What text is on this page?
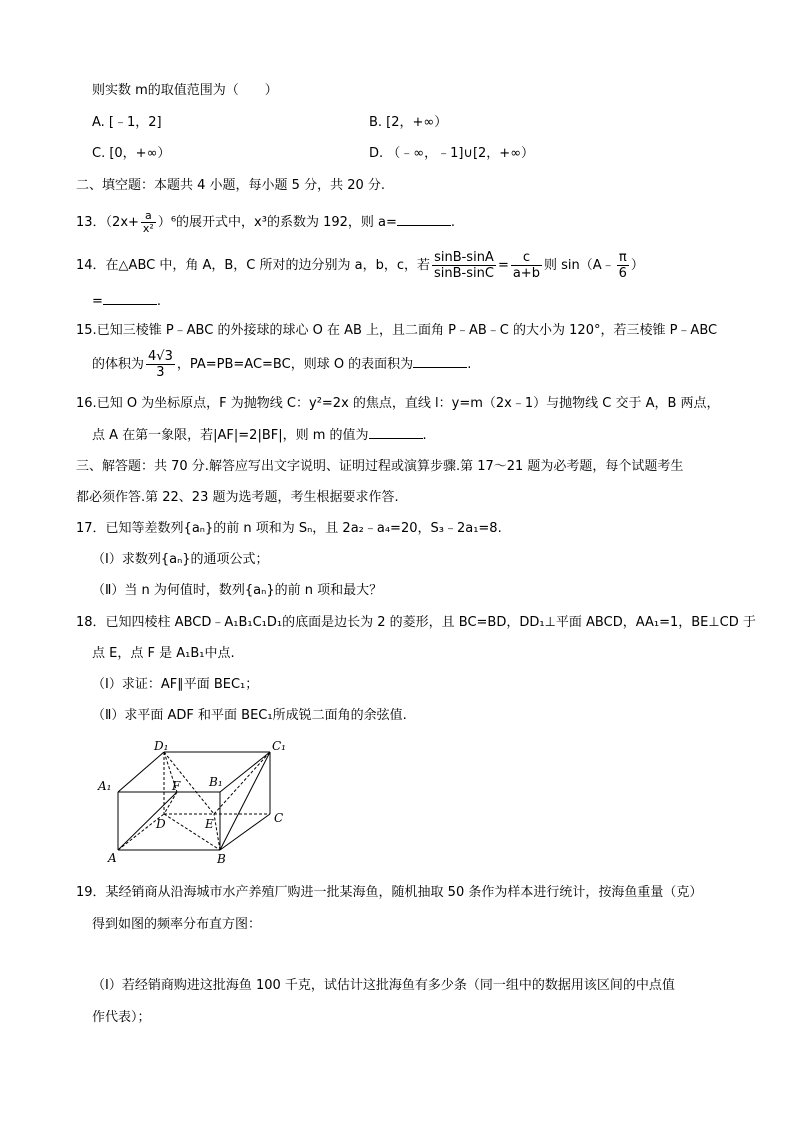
则实数 m的取值范围为（　　）
A. [﹣1，2]	B. [2，+∞）
C. [0，+∞）	D. （﹣∞，﹣1]∪[2，+∞）
二、填空题：本题共 4 小题，每小题 5 分，共 20 分.
13．$(2x+ \frac{a}{\text{x²}} )^6$的展开式中，x³的系数为 192，则 a=	.
14．在△ABC 中，角 A，B，C 所对的边分别为 a，b，c，若 $\frac{\sin B-\sin A}{\sin B-\sin C} = \frac{c}{a+b}$ 则 sin（A﹣ $\frac{\pi}{6}$ ）
=	.
15.已知三棱锥 P﹣ABC 的外接球的球心 O 在 AB 上，且二面角 P﹣AB﹣C 的大小为 120°，若三棱锥 P﹣ABC
的体积为 $\frac{4√3}{3}$ ，PA=PB=AC=BC，则球 O 的表面积为	.
16.已知 O 为坐标原点，F 为抛物线 C：y²=2x 的焦点，直线 l：y=m（2x﹣1）与抛物线 C 交于 A，B 两点，
点 A 在第一象限，若|AF|=2|BF|，则 m 的值为	.
三、解答题：共 70 分.解答应写出文字说明、证明过程或演算步骤.第 17～21 题为必考题，每个试题考生
都必须作答.第 22、23 题为选考题，考生根据要求作答.
17．已知等差数列{aₙ}的前 n 项和为 Sₙ，且 2a₂﹣a₄=20，S₃﹣2a₁=8.
（Ⅰ）求数列{aₙ}的通项公式；
（Ⅱ）当 n 为何值时，数列{aₙ}的前 n 项和最大？
18．已知四棱柱 ABCD﹣A₁B₁C₁D₁的底面是边长为 2 的菱形，且 BC=BD，DD₁⊥平面 ABCD，AA₁=1，BE⊥CD 于
点 E，点 F 是 A₁B₁中点.
（Ⅰ）求证：AF∥平面 BEC₁；
（Ⅱ）求平面 ADF 和平面 BEC₁所成锐二面角的余弦值.
D₁	C₁
A₁	B₁
F
D	E	C
A	B
19．某经销商从沿海城市水产养殖厂购进一批某海鱼，随机抽取 50 条作为样本进行统计，按海鱼重量（克）
得到如图的频率分布直方图：
（Ⅰ）若经销商购进这批海鱼 100 千克，试估计这批海鱼有多少条（同一组中的数据用该区间的中点值
作代表）；
